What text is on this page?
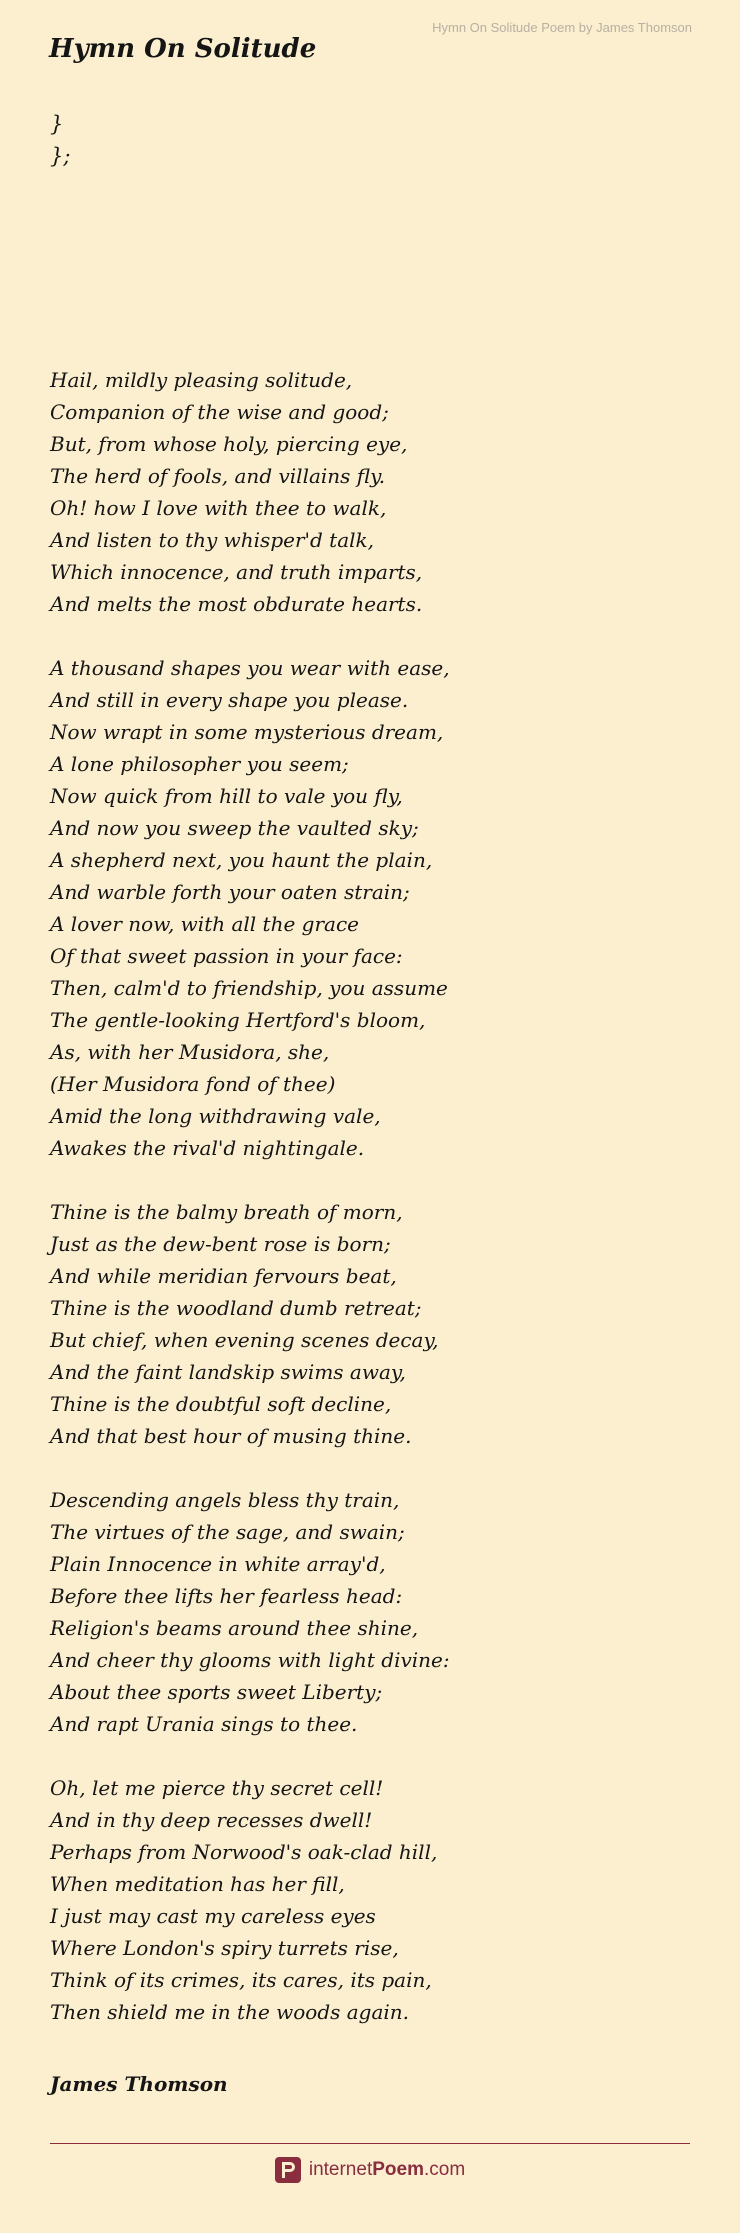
Hymn On Solitude Poem by James Thomson
Hymn On Solitude
}
};
Hail, mildly pleasing solitude,
Companion of the wise and good;
But, from whose holy, piercing eye,
The herd of fools, and villains fly.
Oh! how I love with thee to walk,
And listen to thy whisper'd talk,
Which innocence, and truth imparts,
And melts the most obdurate hearts.
A thousand shapes you wear with ease,
And still in every shape you please.
Now wrapt in some mysterious dream,
A lone philosopher you seem;
Now quick from hill to vale you fly,
And now you sweep the vaulted sky;
A shepherd next, you haunt the plain,
And warble forth your oaten strain;
A lover now, with all the grace
Of that sweet passion in your face:
Then, calm'd to friendship, you assume
The gentle-looking Hertford's bloom,
As, with her Musidora, she,
(Her Musidora fond of thee)
Amid the long withdrawing vale,
Awakes the rival'd nightingale.
Thine is the balmy breath of morn,
Just as the dew-bent rose is born;
And while meridian fervours beat,
Thine is the woodland dumb retreat;
But chief, when evening scenes decay,
And the faint landskip swims away,
Thine is the doubtful soft decline,
And that best hour of musing thine.
Descending angels bless thy train,
The virtues of the sage, and swain;
Plain Innocence in white array'd,
Before thee lifts her fearless head:
Religion's beams around thee shine,
And cheer thy glooms with light divine:
About thee sports sweet Liberty;
And rapt Urania sings to thee.
Oh, let me pierce thy secret cell!
And in thy deep recesses dwell!
Perhaps from Norwood's oak-clad hill,
When meditation has her fill,
I just may cast my careless eyes
Where London's spiry turrets rise,
Think of its crimes, its cares, its pain,
Then shield me in the woods again.
James Thomson
internetPoem.com
